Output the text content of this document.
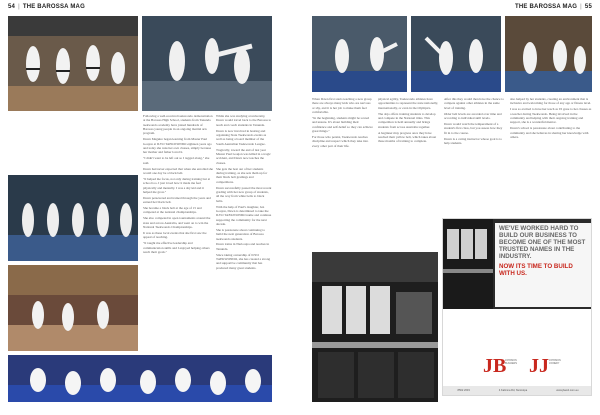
54 | THE BAROSSA MAG	THE BAROSSA MAG | 55

Following a well-received taekwondo demonstration at the Barossa High School, students from Tanunda taekwondo academy have joined hundreds of Barossa young people in an ongoing martial arts program.

Dawn Maguire began learning from Master Paul Goujon at ILYO TAEKWONDO eighteen years ago and today she runs her own classes, simply because her mother and father loved it.

"I didn't want to be left out so I tagged along," she said.

Dawn had never expected that when she enrolled she would one day be a black belt.

"It helped me focus, not only during training but at school too. I just loved how it made me feel physically and mentally. I was a shy kid and it helped me grow."

Dawn persevered and trained through the years and earned her black belt.

She became a black belt at the age of 15 and competed at the national championships.

She also competed in open tournaments around the state and across Australia, and went on to win the National Taekwondo Championships.

It was as these local events that she first saw the appeal of teaching.

"It taught me effective leadership and communication skills and I enjoyed helping others reach their goals."

When Dawn first starts teaching a new group there are always many kids who are nervous or shy, and it is her job to make them feel comfortable.

"In the beginning, students might be scared and unsure. It's about building their confidence and self-belief so they can achieve great things."

For those who persist, Taekwondo teaches discipline and respect which they take into every other part of their life.

physical agility, Taekwondo athletes have opportunities to represent the state nationally, internationally, or even in the Olympics.

The dojo offers training students to develop and compete in the National titles. This competition is held annually and brings students from across Australia together.

A beginner may progress once they have reached their yellow belt, which takes about three months of training to complete.

After this they would then have the chance to compete against other athletes in the same level of training.

Older belt levels are awarded over time and according to individual skill levels.

Dawn would watch the temperament of a student's first class, but you assess how they fit in to the course.

Dawn is a caring instructor whose goal is to help students.

also helped by her students, creating an environment that is inclusive and welcoming for those of any age or fitness level.

I was so excited to have her teach as I'd gone to her classes as a teacher during Taekwondo. Being involved in the community and helping with their ongoing training and support, she is a wonderful mentor.

Dawn's school is passionate about contributing to the community and she believes in sharing her knowledge with others.

WE'VE WORKED HARD TO BUILD OUR BUSINESS TO BECOME ONE OF THE MOST TRUSTED NAMES IN THE INDUSTRY.
NOW ITS TIME TO BUILD WITH US.
JB
JOHNSON BUILDERS JJ JOHNSON JOINERY
8562 2633	4 Kalimna Rd, Nuriootpa	www.jbweb.com.au

While she was studying at university, Dawn would travel back to the Barossa to teach and coach students in Tanunda.

Dawn is now involved in hosting and organising State Taekwondo events as well as being a board member of the South Australian Taekwondo League.

Tragically, toward the end of last year Master Paul Goujon was killed in a tragic accident, and Dawn now teaches the classes.

She gets the best out of her students during training, as she sets them up for their black belt gradings and competitions.

Dawn successfully passed the most recent grading with her new group of students, all the way from white belts to black belts.

With the help of Paul's daughter, Jen Goujon, Dawn is determined to take the ILYO TAEKWONDO name and continue supporting the community for the next decade.

She is passionate about continuing to build the next generation of Barossa taekwondo students.

Dawn trains in Nuriootpa and teaches in Tanunda.

Since taking ownership of ILYO TAEKWONDO, she has created a strong and supportive community that has produced many great students.
